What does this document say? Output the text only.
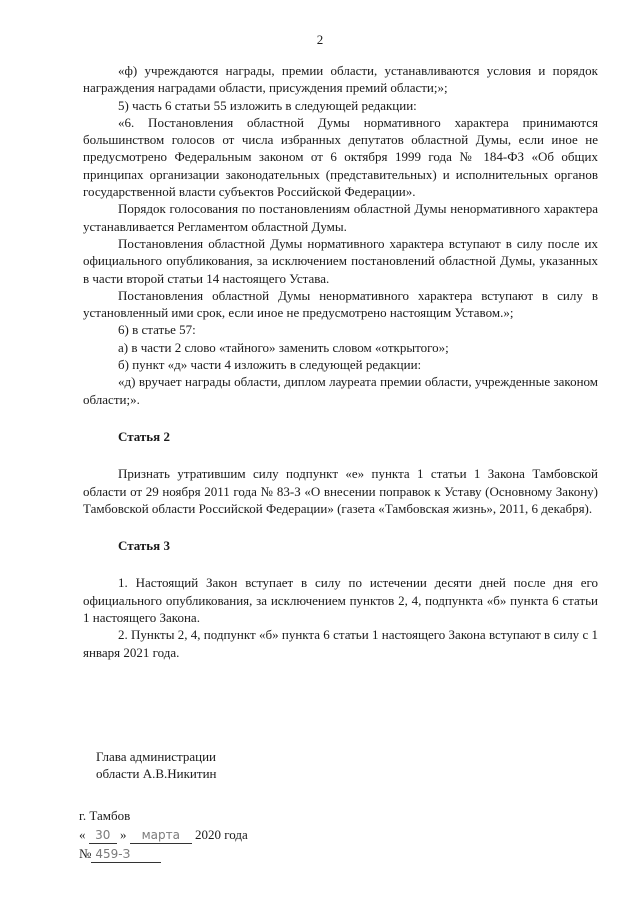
2

«ф) учреждаются награды, премии области, устанавливаются условия и порядок награждения наградами области, присуждения премий области;»;

5) часть 6 статьи 55 изложить в следующей редакции:

«6. Постановления областной Думы нормативного характера принимаются большинством голосов от числа избранных депутатов областной Думы, если иное не предусмотрено Федеральным законом от 6 октября 1999 года № 184-ФЗ «Об общих принципах организации законодательных (представительных) и исполнительных органов государственной власти субъектов Российской Федерации».

Порядок голосования по постановлениям областной Думы ненормативного характера устанавливается Регламентом областной Думы.

Постановления областной Думы нормативного характера вступают в силу после их официального опубликования, за исключением постановлений областной Думы, указанных в части второй статьи 14 настоящего Устава.

Постановления областной Думы ненормативного характера вступают в силу в установленный ими срок, если иное не предусмотрено настоящим Уставом.»;

6) в статье 57:

а) в части 2 слово «тайного» заменить словом «открытого»;

б) пункт «д» части 4 изложить в следующей редакции:

«д) вручает награды области, диплом лауреата премии области, учрежденные законом области;».

Статья 2

Признать утратившим силу подпункт «е» пункта 1 статьи 1 Закона Тамбовской области от 29 ноября 2011 года № 83-З «О внесении поправок к Уставу (Основному Закону) Тамбовской области Российской Федерации» (газета «Тамбовская жизнь», 2011, 6 декабря).

Статья 3

1. Настоящий Закон вступает в силу по истечении десяти дней после дня его официального опубликования, за исключением пунктов 2, 4, подпункта «б» пункта 6 статьи 1 настоящего Закона.

2. Пункты 2, 4, подпункт «б» пункта 6 статьи 1 настоящего Закона вступают в силу с 1 января 2021 года.

Глава администрации
области А.В.Никитин
г. Тамбов
« 30 » марта 2020 года
№ 459-З
